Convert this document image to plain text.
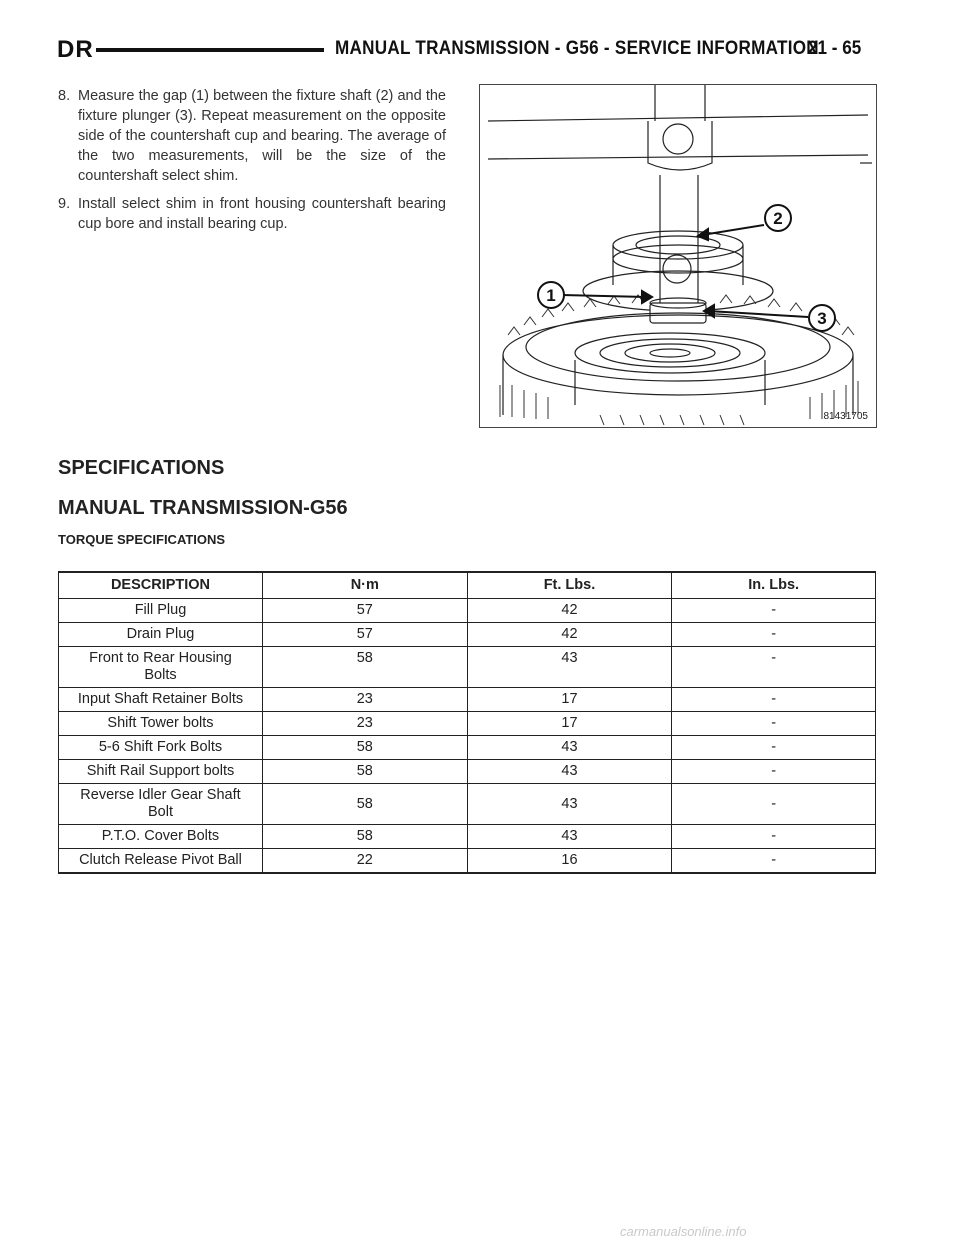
DR	MANUAL TRANSMISSION - G56 - SERVICE INFORMATION
21 - 65
8. Measure the gap (1) between the fixture shaft (2) and the fixture plunger (3). Repeat measurement on the opposite side of the countershaft cup and bearing. The average of the two measurements, will be the size of the countershaft select shim.
9. Install select shim in front housing countershaft bearing cup bore and install bearing cup.	2
1
3
81431705
SPECIFICATIONS
MANUAL TRANSMISSION-G56
TORQUE SPECIFICATIONS
DESCRIPTION	N·m	Ft. Lbs.	In. Lbs.
Fill Plug	57	42	-
Drain Plug	57	42	-
Front to Rear Housing Bolts	58	43	-
Input Shaft Retainer Bolts	23	17	-
Shift Tower bolts	23	17	-
5-6 Shift Fork Bolts	58	43	-
Shift Rail Support bolts	58	43	-
Reverse Idler Gear Shaft Bolt	58	43	-
P.T.O. Cover Bolts	58	43	-
Clutch Release Pivot Ball	22	16	-
carmanualsonline.info
